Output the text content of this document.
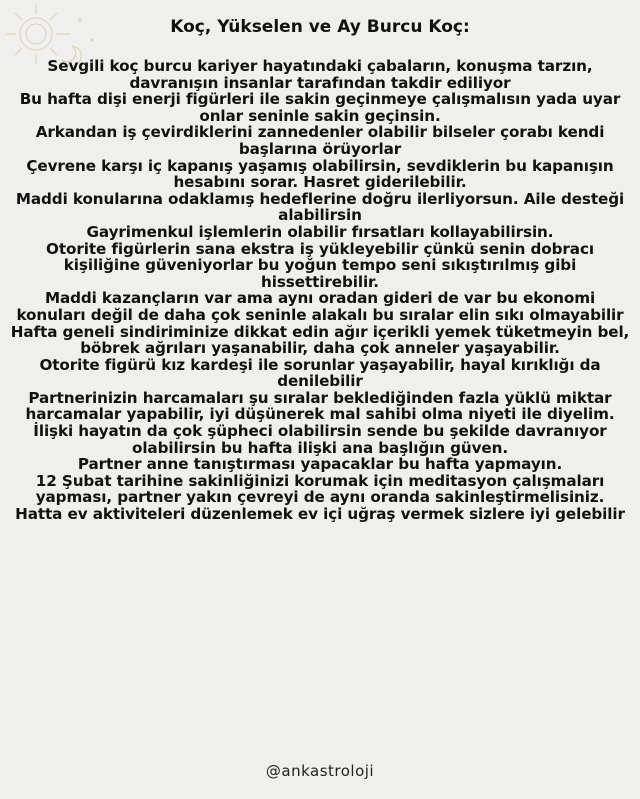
Koç, Yükselen ve Ay Burcu Koç:

Sevgili koç burcu kariyer hayatındaki çabaların, konuşma tarzın, davranışın insanlar tarafından takdir ediliyor

Bu hafta dişi enerji figürleri ile sakin geçinmeye çalışmalısın yada uyar onlar seninle sakin geçinsin.

Arkandan iş çevirdiklerini zannedenler olabilir bilseler çorabı kendi başlarına örüyorlar

Çevrene karşı iç kapanış yaşamış olabilirsin, sevdiklerin bu kapanışın hesabını sorar. Hasret giderilebilir.

Maddi konularına odaklamış hedeflerine doğru ilerliyorsun. Aile desteği alabilirsin

Gayrimenkul işlemlerin olabilir fırsatları kollayabilirsin.

Otorite figürlerin sana ekstra iş yükleyebilir çünkü senin dobracı kişiliğine güveniyorlar bu yoğun tempo seni sıkıştırılmış gibi hissettirebilir.

Maddi kazançların var ama aynı oradan gideri de var bu ekonomi konuları değil de daha çok seninle alakalı bu sıralar elin sıkı olmayabilir

Hafta geneli sindiriminize dikkat edin ağır içerikli yemek tüketmeyin bel, böbrek ağrıları yaşanabilir, daha çok anneler yaşayabilir.

Otorite figürü kız kardeşi ile sorunlar yaşayabilir, hayal kırıklığı da denilebilir

Partnerinizin harcamaları şu sıralar beklediğinden fazla yüklü miktar harcamalar yapabilir, iyi düşünerek mal sahibi olma niyeti ile diyelim.

İlişki hayatın da çok şüpheci olabilirsin sende bu şekilde davranıyor olabilirsin bu hafta ilişki ana başlığın güven.

Partner anne tanıştırması yapacaklar bu hafta yapmayın.

12 Şubat tarihine sakinliğinizi korumak için meditasyon çalışmaları yapması, partner yakın çevreyi de aynı oranda sakinleştirmelisiniz.

Hatta ev aktiviteleri düzenlemek ev içi uğraş vermek sizlere iyi gelebilir

@ankastroloji
